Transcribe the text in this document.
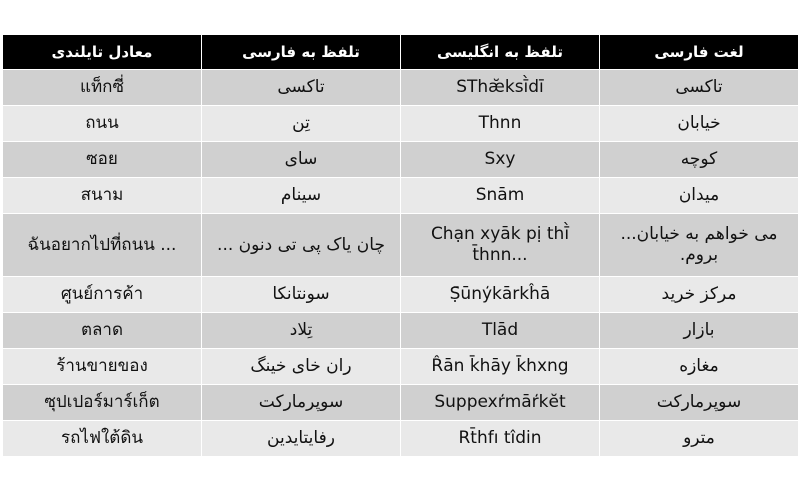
معادل تایلندی	تلفظ به فارسی	تلفظ به انگلیسی	لغت فارسی
แท็กซี่	تاکسی	SThæ̆ksī̀dī	تاکسی
ถนน	تِن	Thnn	خیابان
ซอย	سای	Sxy	کوچه
สนาม	سینام	Snām	میدان
ฉันอยากไปที่ถนน ...	چان یاک پی تی دنون ...	Chạn xyāk pị thī̀ t̄hnn...	می خواهم به خیابان... بروم.
ศูนย์การค้า	سونتانکا	Ṣ̄ūny̒kārkĥā	مرکز خرید
ตลาด	تِلاد	Tlād	بازار
ร้านขายของ	ران خای خینگ	R̂ān k̄hāy k̄hxng	مغازه
ซุปเปอร์มาร์เก็ต	سوپرمارکت	Suppexr̒mār̒kĕt	سوپرمارکت
รถไฟใต้ดิน	رفایتایدین	Rt̄hfı tı̂din	مترو
